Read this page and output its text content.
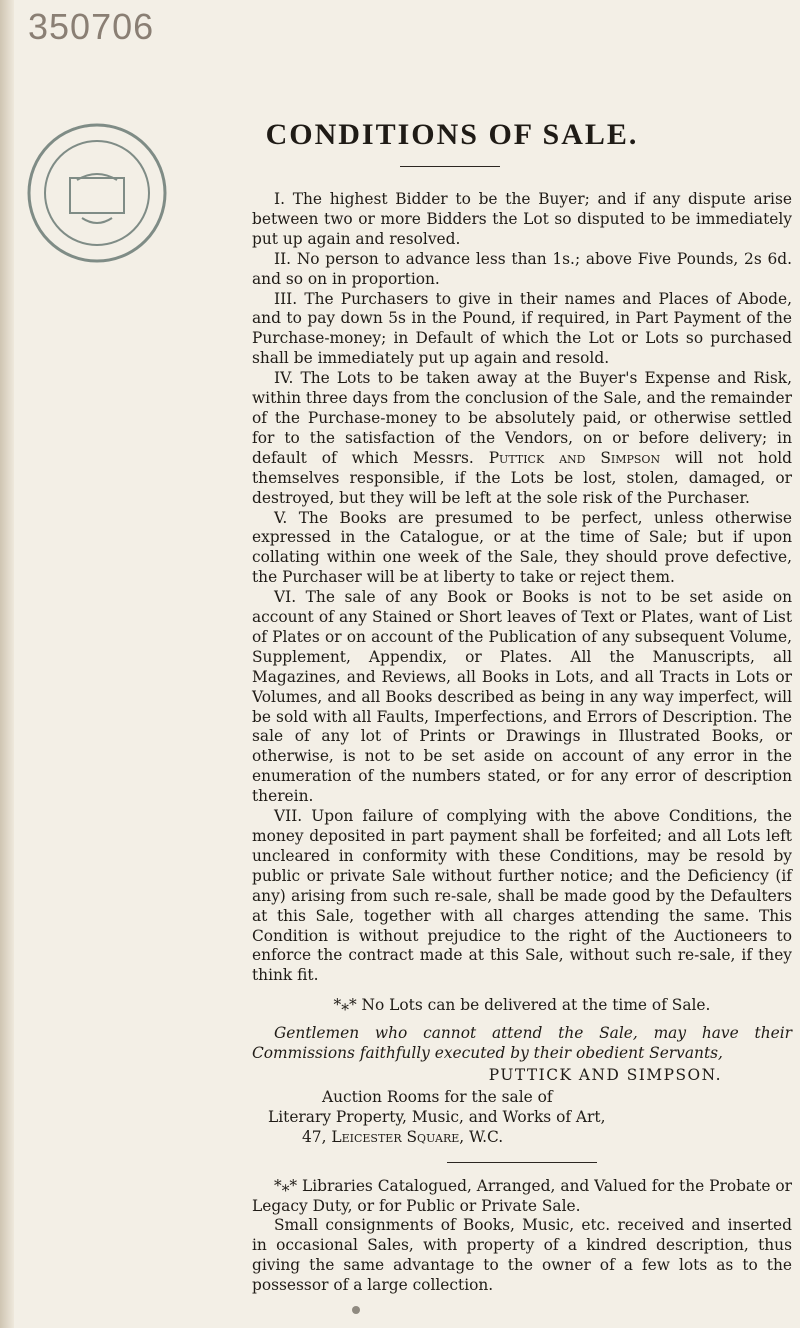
350706
CONDITIONS OF SALE.

I. The highest Bidder to be the Buyer; and if any dispute arise between two or more Bidders the Lot so disputed to be immediately put up again and resolved.

II. No person to advance less than 1s.; above Five Pounds, 2s 6d. and so on in proportion.

III. The Purchasers to give in their names and Places of Abode, and to pay down 5s in the Pound, if required, in Part Payment of the Purchase-money; in Default of which the Lot or Lots so purchased shall be immediately put up again and resold.

IV. The Lots to be taken away at the Buyer's Expense and Risk, within three days from the conclusion of the Sale, and the remainder of the Purchase-money to be absolutely paid, or otherwise settled for to the satisfaction of the Vendors, on or before delivery; in default of which Messrs. Puttick and Simpson will not hold themselves responsible, if the Lots be lost, stolen, damaged, or destroyed, but they will be left at the sole risk of the Purchaser.

V. The Books are presumed to be perfect, unless otherwise expressed in the Catalogue, or at the time of Sale; but if upon collating within one week of the Sale, they should prove defective, the Purchaser will be at liberty to take or reject them.

VI. The sale of any Book or Books is not to be set aside on account of any Stained or Short leaves of Text or Plates, want of List of Plates or on account of the Publication of any subsequent Volume, Supplement, Appendix, or Plates. All the Manuscripts, all Magazines, and Reviews, all Books in Lots, and all Tracts in Lots or Volumes, and all Books described as being in any way imperfect, will be sold with all Faults, Imperfections, and Errors of Description. The sale of any lot of Prints or Drawings in Illustrated Books, or otherwise, is not to be set aside on account of any error in the enumeration of the numbers stated, or for any error of description therein.

VII. Upon failure of complying with the above Conditions, the money deposited in part payment shall be forfeited; and all Lots left uncleared in conformity with these Conditions, may be resold by public or private Sale without further notice; and the Deficiency (if any) arising from such re-sale, shall be made good by the Defaulters at this Sale, together with all charges attending the same. This Condition is without prejudice to the right of the Auctioneers to enforce the contract made at this Sale, without such re-sale, if they think fit.

*⁎* No Lots can be delivered at the time of Sale.

Gentlemen who cannot attend the Sale, may have their Commissions faithfully executed by their obedient Servants,

PUTTICK AND SIMPSON.

Auction Rooms for the sale of

Literary Property, Music, and Works of Art,

47, Leicester Square, W.C.

*⁎* Libraries Catalogued, Arranged, and Valued for the Probate or Legacy Duty, or for Public or Private Sale.

Small consignments of Books, Music, etc. received and inserted in occasional Sales, with property of a kindred description, thus giving the same advantage to the owner of a few lots as to the possessor of a large collection.
